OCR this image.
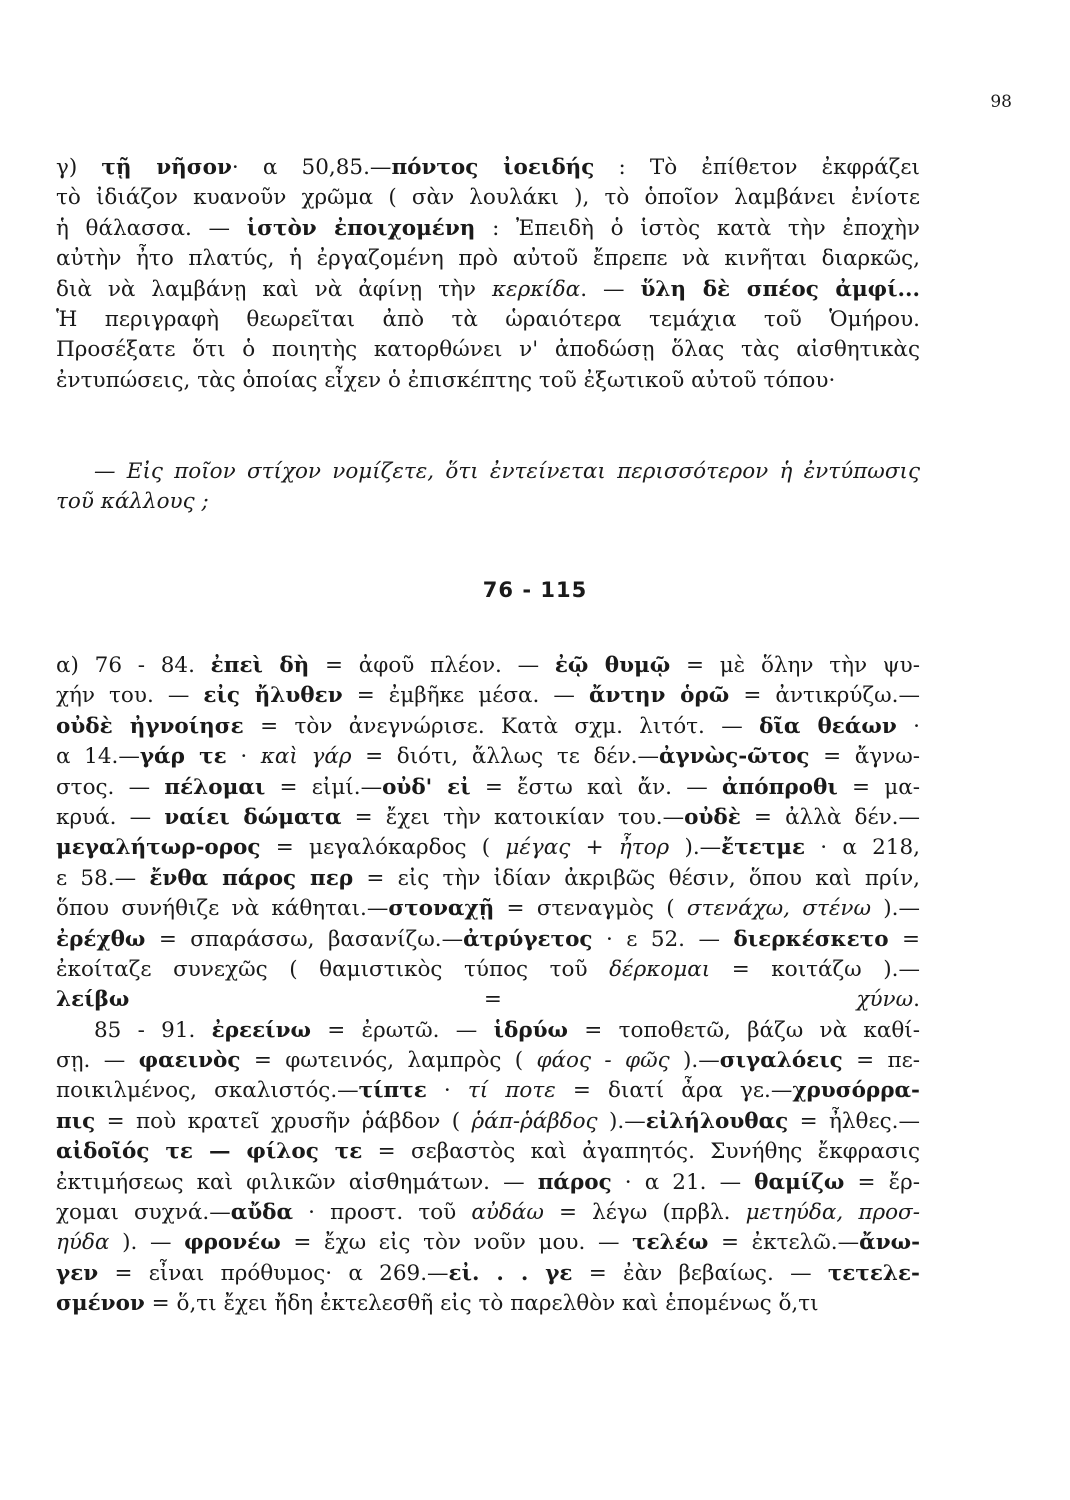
98
γ) τῇ νῆσον· α 50,85.—πόντος ἰοειδής : Τὸ ἐπίθετον ἐκφράζει
τὸ ἰδιάζον κυανοῦν χρῶμα ( σὰν λουλάκι ), τὸ ὁποῖον λαμβάνει ἐνίοτε
ἡ θάλασσα. — ἱστὸν ἐποιχομένη : Ἐπειδὴ ὁ ἱστὸς κατὰ τὴν ἐποχὴν
αὐτὴν ἦτο πλατύς, ἡ ἐργαζομένη πρὸ αὐτοῦ ἔπρεπε νὰ κινῆται διαρκῶς,
διὰ νὰ λαμβάνῃ καὶ νὰ ἀφίνῃ τὴν κερκίδα. — ὕλη δὲ σπέος ἀμφί...
Ἡ περιγραφὴ θεωρεῖται ἀπὸ τὰ ὡραιότερα τεμάχια τοῦ Ὁμήρου.
Προσέξατε ὅτι ὁ ποιητὴς κατορθώνει ν' ἀποδώσῃ ὅλας τὰς αἰσθητικὰς
ἐντυπώσεις, τὰς ὁποίας εἶχεν ὁ ἐπισκέπτης τοῦ ἐξωτικοῦ αὐτοῦ τόπου·
— Εἰς ποῖον στίχον νομίζετε, ὅτι ἐντείνεται περισσότερον ἡ ἐντύπωσις
τοῦ κάλλους ;
76 - 115
α) 76 - 84. ἐπεὶ δὴ = ἀφοῦ πλέον. — ἐῷ θυμῷ = μὲ ὅλην τὴν ψυ-
χήν του. — εἰς ἤλυθεν = ἐμβῆκε μέσα. — ἄντην ὁρῶ = ἀντικρύζω.—
οὐδὲ ἠγνοίησε = τὸν ἀνεγνώρισε. Κατὰ σχμ. λιτότ. — δῖα θεάων ·
α 14.—γάρ τε · καὶ γάρ = διότι, ἄλλως τε δέν.—ἀγνὼς-ῶτος = ἄγνω-
στος. — πέλομαι = εἰμί.—οὐδ' εἰ = ἔστω καὶ ἄν. — ἀπόπροθι = μα-
κρυά. — ναίει δώματα = ἔχει τὴν κατοικίαν του.—οὐδὲ = ἀλλὰ δέν.—
μεγαλήτωρ-ορος = μεγαλόκαρδος ( μέγας + ἦτορ ).—ἔτετμε · α 218,
ε 58.— ἔνθα πάρος περ = εἰς τὴν ἰδίαν ἀκριβῶς θέσιν, ὅπου καὶ πρίν,
ὅπου συνήθιζε νὰ κάθηται.—στοναχῇ = στεναγμὸς ( στενάχω, στένω ).—
ἐρέχθω = σπαράσσω, βασανίζω.—ἀτρύγετος · ε 52. — διερκέσκετο =
ἐκοίταζε συνεχῶς ( θαμιστικὸς τύπος τοῦ δέρκομαι = κοιτάζω ).—
λείβω = χύνω.
85 - 91. ἐρεείνω = ἐρωτῶ. — ἱδρύω = τοποθετῶ, βάζω νὰ καθί-
σῃ. — φαεινὸς = φωτεινός, λαμπρὸς ( φάος - φῶς ).—σιγαλόεις = πε-
ποικιλμένος, σκαλιστός.—τίπτε · τί ποτε = διατί ἆρα γε.—χρυσόρρα-
πις = ποὺ κρατεῖ χρυσῆν ῥάβδον ( ῥάπ-ῥάβδος ).—εἰλήλουθας = ἦλθες.—
αἰδοῖός τε — φίλος τε = σεβαστὸς καὶ ἀγαπητός. Συνήθης ἔκφρασις
ἐκτιμήσεως καὶ φιλικῶν αἰσθημάτων. — πάρος · α 21. — θαμίζω = ἔρ-
χομαι συχνά.—αὔδα · προστ. τοῦ αὐδάω = λέγω (πρβλ. μετηύδα, προσ-
ηύδα ). — φρονέω = ἔχω εἰς τὸν νοῦν μου. — τελέω = ἐκτελῶ.—ἄνω-
γεν = εἶναι πρόθυμος· α 269.—εἰ. . . γε = ἐὰν βεβαίως. — τετελε-
σμένον = ὅ,τι ἔχει ἤδη ἐκτελεσθῆ εἰς τὸ παρελθὸν καὶ ἑπομένως ὅ,τι
